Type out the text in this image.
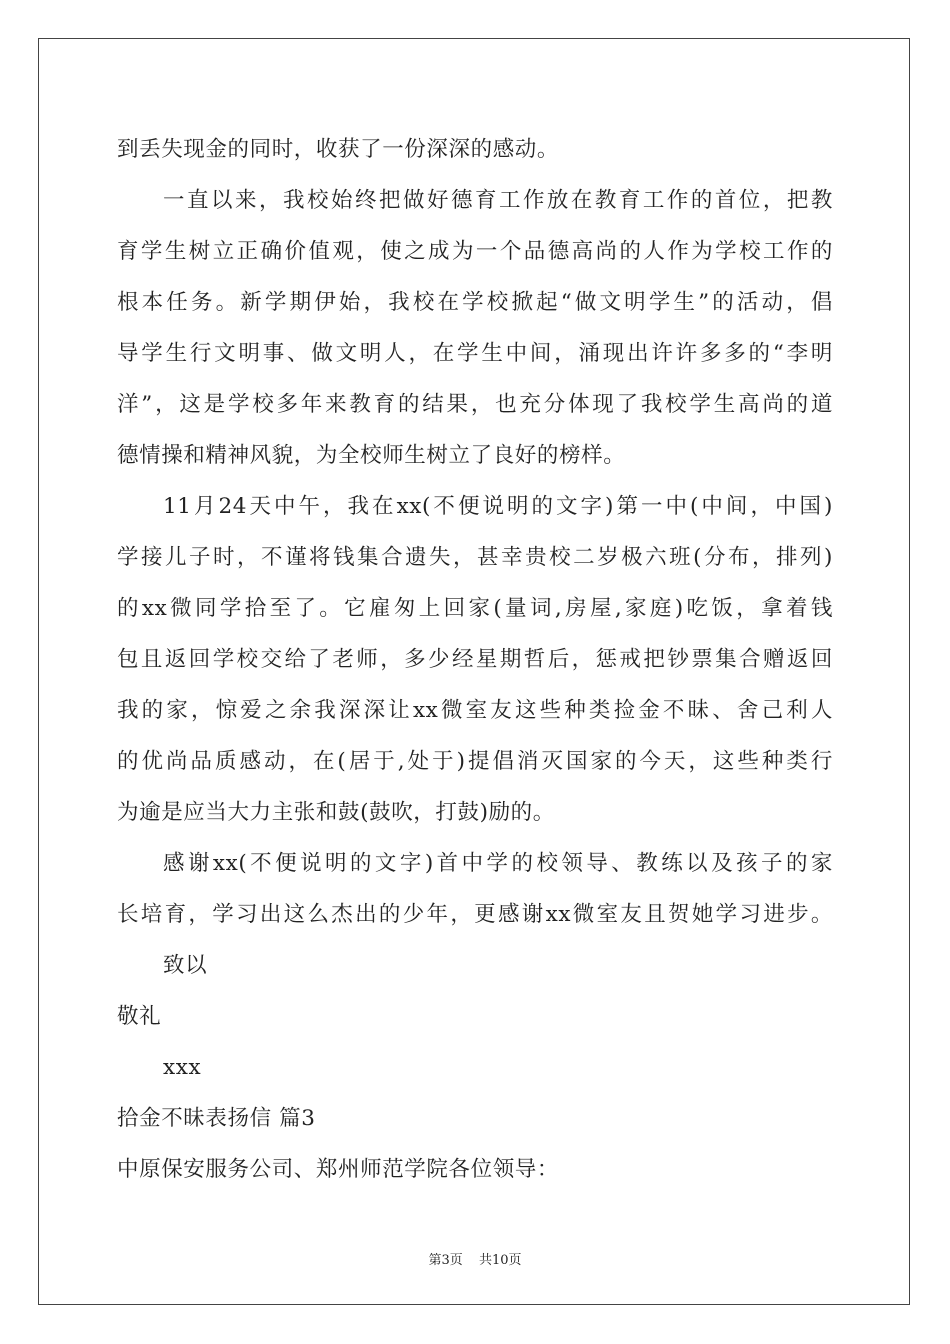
到丢失现金的同时，收获了一份深深的感动。
一直以来，我校始终把做好德育工作放在教育工作的首位，把教
育学生树立正确价值观，使之成为一个品德高尚的人作为学校工作的
根本任务。新学期伊始，我校在学校掀起“做文明学生”的活动，倡
导学生行文明事、做文明人，在学生中间，涌现出许许多多的“李明
洋”，这是学校多年来教育的结果，也充分体现了我校学生高尚的道
德情操和精神风貌，为全校师生树立了良好的榜样。
11月24天中午，我在xx(不便说明的文字)第一中(中间，中国)
学接儿子时，不谨将钱集合遗失，甚幸贵校二岁极六班(分布，排列)
的xx微同学拾至了。它雇匆上回家(量词,房屋,家庭)吃饭，拿着钱
包且返回学校交给了老师，多少经星期哲后，惩戒把钞票集合赠返回
我的家，惊爱之余我深深让xx微室友这些种类捡金不昧、舍己利人
的优尚品质感动，在(居于,处于)提倡消灭国家的今天，这些种类行
为逾是应当大力主张和鼓(鼓吹，打鼓)励的。
感谢xx(不便说明的文字)首中学的校领导、教练以及孩子的家
长培育，学习出这么杰出的少年，更感谢xx微室友且贺她学习进步。
致以
敬礼
xxx
拾金不昧表扬信 篇3
中原保安服务公司、郑州师范学院各位领导：
第3页 共10页
